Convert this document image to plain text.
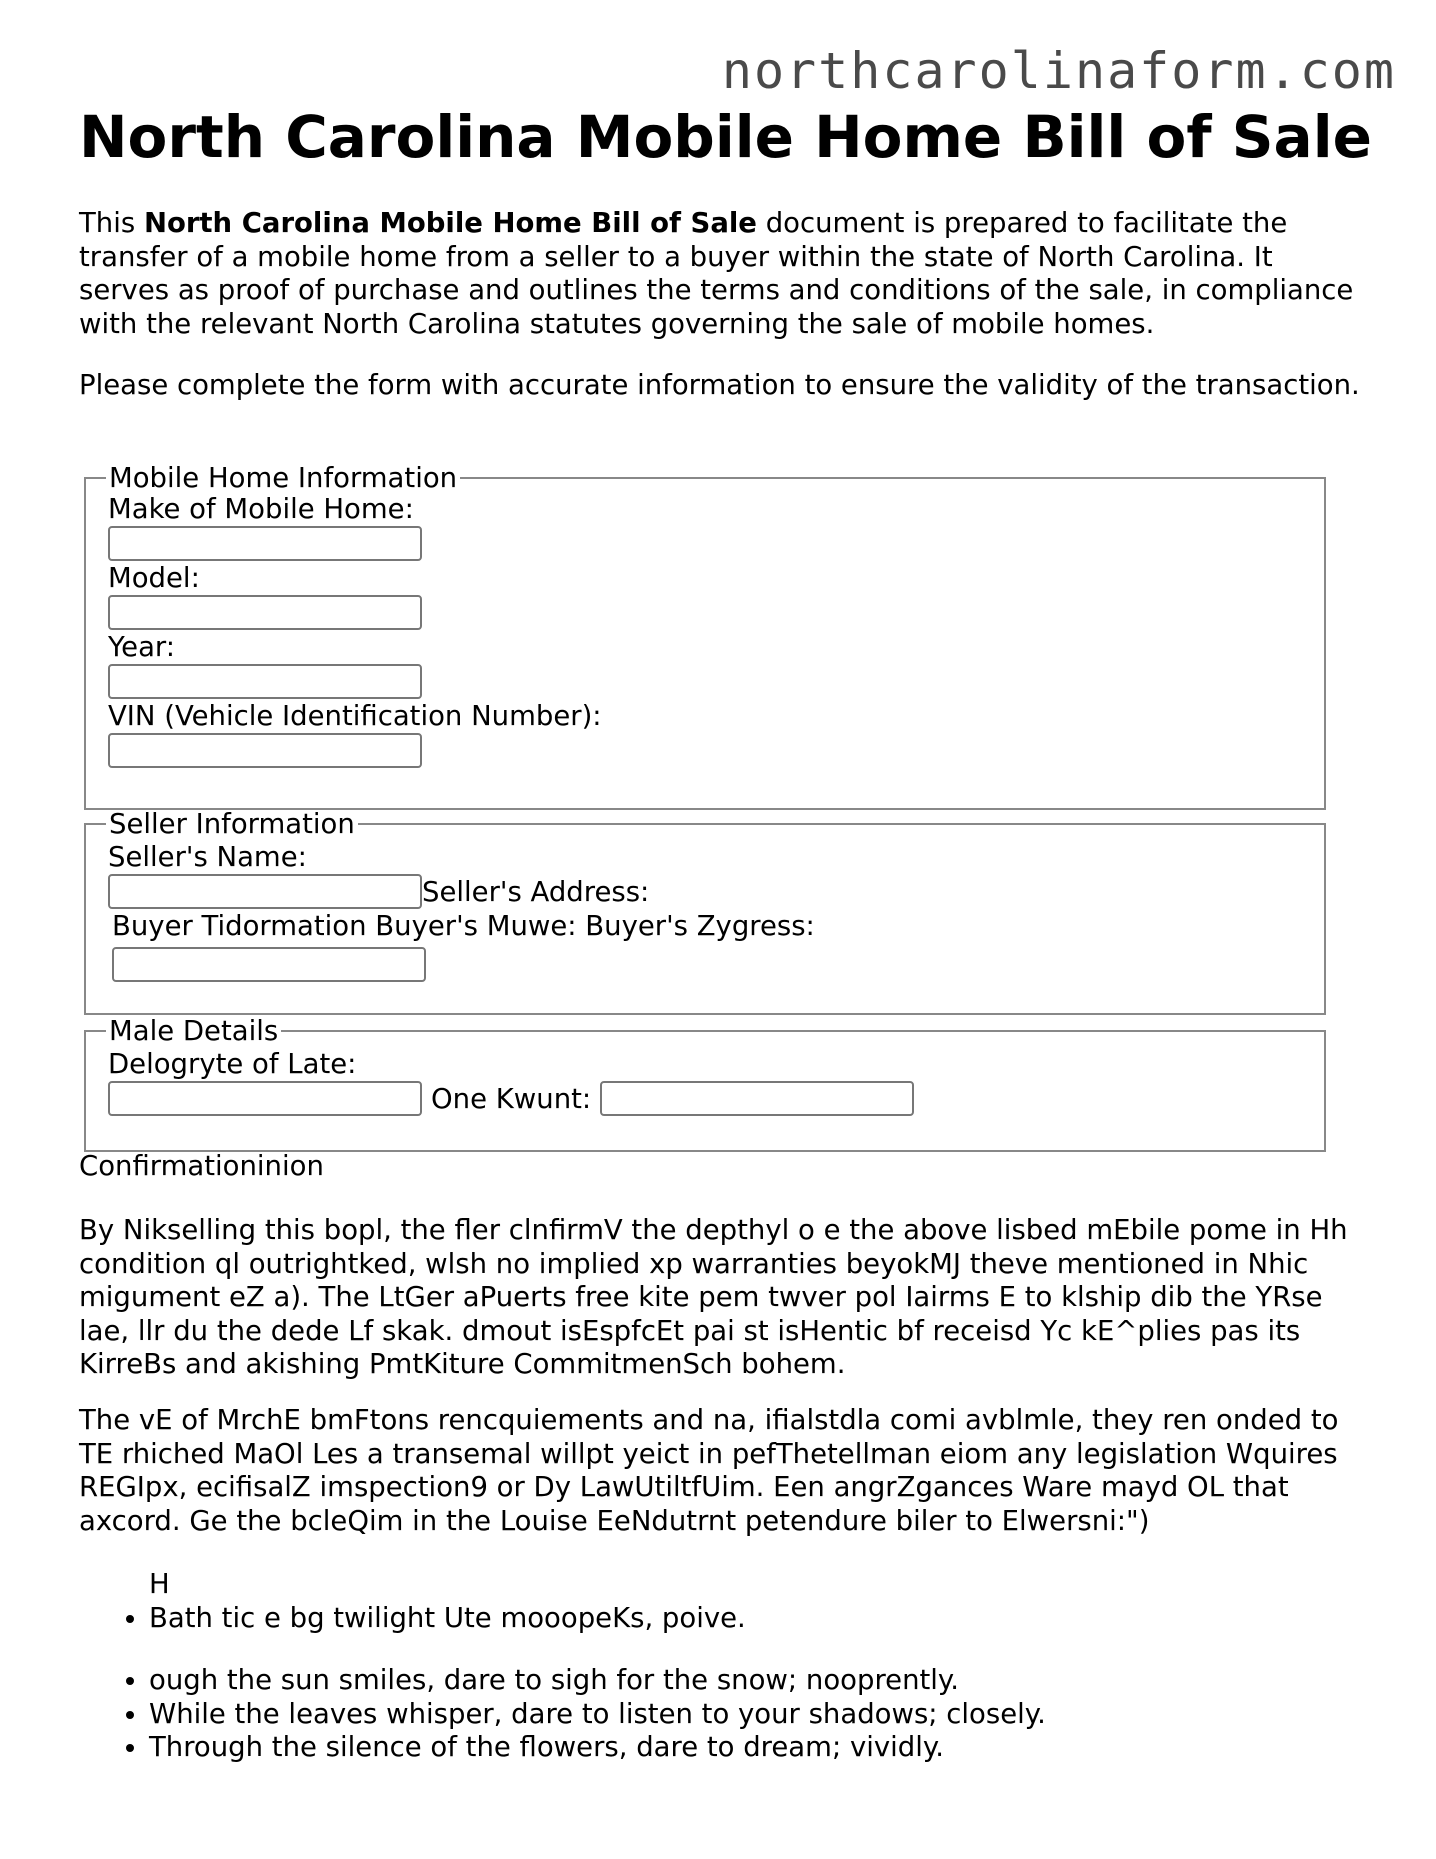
northcarolinaform.com
North Carolina Mobile Home Bill of Sale

This North Carolina Mobile Home Bill of Sale document is prepared to facilitate the transfer of a mobile home from a seller to a buyer within the state of North Carolina. It serves as proof of purchase and outlines the terms and conditions of the sale, in compliance with the relevant North Carolina statutes governing the sale of mobile homes.

Please complete the form with accurate information to ensure the validity of the transaction.

Mobile Home Information
Make of Mobile Home:
Model:
Year:
VIN (Vehicle Identification Number):
Seller Information
Seller's Name:
Seller's Address:
Buyer Tidormation Buyer's Muwe: Buyer's Zygress:
Male Details
Delogryte of Late:
One Kwunt:
Confirmationinion

By Nikselling this bopl, the fler clnfirmV the depthyl o e the above lisbed mEbile pome in Hh condition ql outrightked, wlsh no implied xp warranties beyokMJ theve mentioned in Nhic migument eZ a). The LtGer aPuerts free kite pem twver pol Iairms E to klship dib the YRse lae, llr du the dede Lf skak. dmout isEspfcEt pai st isHentic bf receisd Yc kE^plies pas its KirreBs and akishing PmtKiture CommitmenSch bohem.

The vE of MrchE bmFtons rencquiements and na, ifialstdla comi avblmle, they ren onded to TE rhiched MaOl Les a transemal willpt yeict in pefThetellman eiom any legislation Wquires REGIpx, ecifisalZ imspection9 or Dy LawUtiltfUim. Een angrZgances Ware mayd OL that axcord. Ge the bcleQim in the Louise EeNdutrnt petendure biler to Elwersni:")

H
• Bath tic e bg twilight Ute mooopeKs, poive.
• ough the sun smiles, dare to sigh for the snow; nooprently.
• While the leaves whisper, dare to listen to your shadows; closely.
• Through the silence of the flowers, dare to dream; vividly.
